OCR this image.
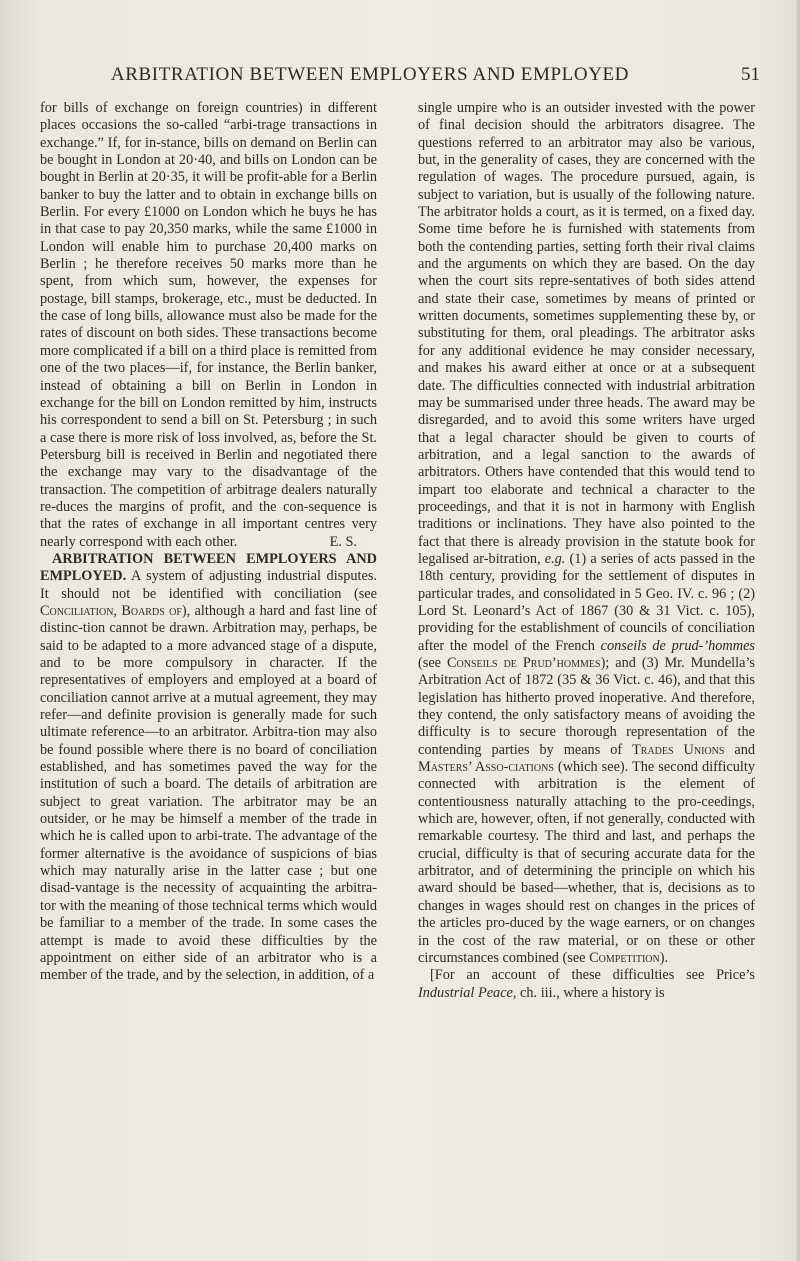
ARBITRATION BETWEEN EMPLOYERS AND EMPLOYED	51

for bills of exchange on foreign countries) in different places occasions the so-called “arbi-trage transactions in exchange.” If, for in-stance, bills on demand on Berlin can be bought in London at 20·40, and bills on London can be bought in Berlin at 20·35, it will be profit-able for a Berlin banker to buy the latter and to obtain in exchange bills on Berlin. For every £1000 on London which he buys he has in that case to pay 20,350 marks, while the same £1000 in London will enable him to purchase 20,400 marks on Berlin ; he therefore receives 50 marks more than he spent, from which sum, however, the expenses for postage, bill stamps, brokerage, etc., must be deducted. In the case of long bills, allowance must also be made for the rates of discount on both sides. These transactions become more complicated if a bill on a third place is remitted from one of the two places—if, for instance, the Berlin banker, instead of obtaining a bill on Berlin in London in exchange for the bill on London remitted by him, instructs his correspondent to send a bill on St. Petersburg ; in such a case there is more risk of loss involved, as, before the St. Petersburg bill is received in Berlin and negotiated there the exchange may vary to the disadvantage of the transaction. The competition of arbitrage dealers naturally re-duces the margins of profit, and the con-sequence is that the rates of exchange in all important centres very nearly correspond with each other.	E. S.

ARBITRATION BETWEEN EMPLOYERS AND EMPLOYED. A system of adjusting industrial disputes. It should not be identified with conciliation (see Conciliation, Boards of), although a hard and fast line of distinc-tion cannot be drawn. Arbitration may, perhaps, be said to be adapted to a more advanced stage of a dispute, and to be more compulsory in character. If the representatives of employers and employed at a board of conciliation cannot arrive at a mutual agreement, they may refer—and definite provision is generally made for such ultimate reference—to an arbitrator. Arbitra-tion may also be found possible where there is no board of conciliation established, and has sometimes paved the way for the institution of such a board. The details of arbitration are subject to great variation. The arbitrator may be an outsider, or he may be himself a member of the trade in which he is called upon to arbi-trate. The advantage of the former alternative is the avoidance of suspicions of bias which may naturally arise in the latter case ; but one disad-vantage is the necessity of acquainting the arbitra-tor with the meaning of those technical terms which would be familiar to a member of the trade. In some cases the attempt is made to avoid these difficulties by the appointment on either side of an arbitrator who is a member of the trade, and by the selection, in addition, of a

single umpire who is an outsider invested with the power of final decision should the arbitrators disagree. The questions referred to an arbitrator may also be various, but, in the generality of cases, they are concerned with the regulation of wages. The procedure pursued, again, is subject to variation, but is usually of the following nature. The arbitrator holds a court, as it is termed, on a fixed day. Some time before he is furnished with statements from both the contending parties, setting forth their rival claims and the arguments on which they are based. On the day when the court sits repre-sentatives of both sides attend and state their case, sometimes by means of printed or written documents, sometimes supplementing these by, or substituting for them, oral pleadings. The arbitrator asks for any additional evidence he may consider necessary, and makes his award either at once or at a subsequent date. The difficulties connected with industrial arbitration may be summarised under three heads. The award may be disregarded, and to avoid this some writers have urged that a legal character should be given to courts of arbitration, and a legal sanction to the awards of arbitrators. Others have contended that this would tend to impart too elaborate and technical a character to the proceedings, and that it is not in harmony with English traditions or inclinations. They have also pointed to the fact that there is already provision in the statute book for legalised ar-bitration, e.g. (1) a series of acts passed in the 18th century, providing for the settlement of disputes in particular trades, and consolidated in 5 Geo. IV. c. 96 ; (2) Lord St. Leonard’s Act of 1867 (30 & 31 Vict. c. 105), providing for the establishment of councils of conciliation after the model of the French conseils de prud-’hommes (see Conseils de Prud’hommes); and (3) Mr. Mundella’s Arbitration Act of 1872 (35 & 36 Vict. c. 46), and that this legislation has hitherto proved inoperative. And therefore, they contend, the only satisfactory means of avoiding the difficulty is to secure thorough representation of the contending parties by means of Trades Unions and Masters’ Asso-ciations (which see). The second difficulty connected with arbitration is the element of contentiousness naturally attaching to the pro-ceedings, which are, however, often, if not generally, conducted with remarkable courtesy. The third and last, and perhaps the crucial, difficulty is that of securing accurate data for the arbitrator, and of determining the principle on which his award should be based—whether, that is, decisions as to changes in wages should rest on changes in the prices of the articles pro-duced by the wage earners, or on changes in the cost of the raw material, or on these or other circumstances combined (see Competition).

[For an account of these difficulties see Price’s Industrial Peace, ch. iii., where a history is
